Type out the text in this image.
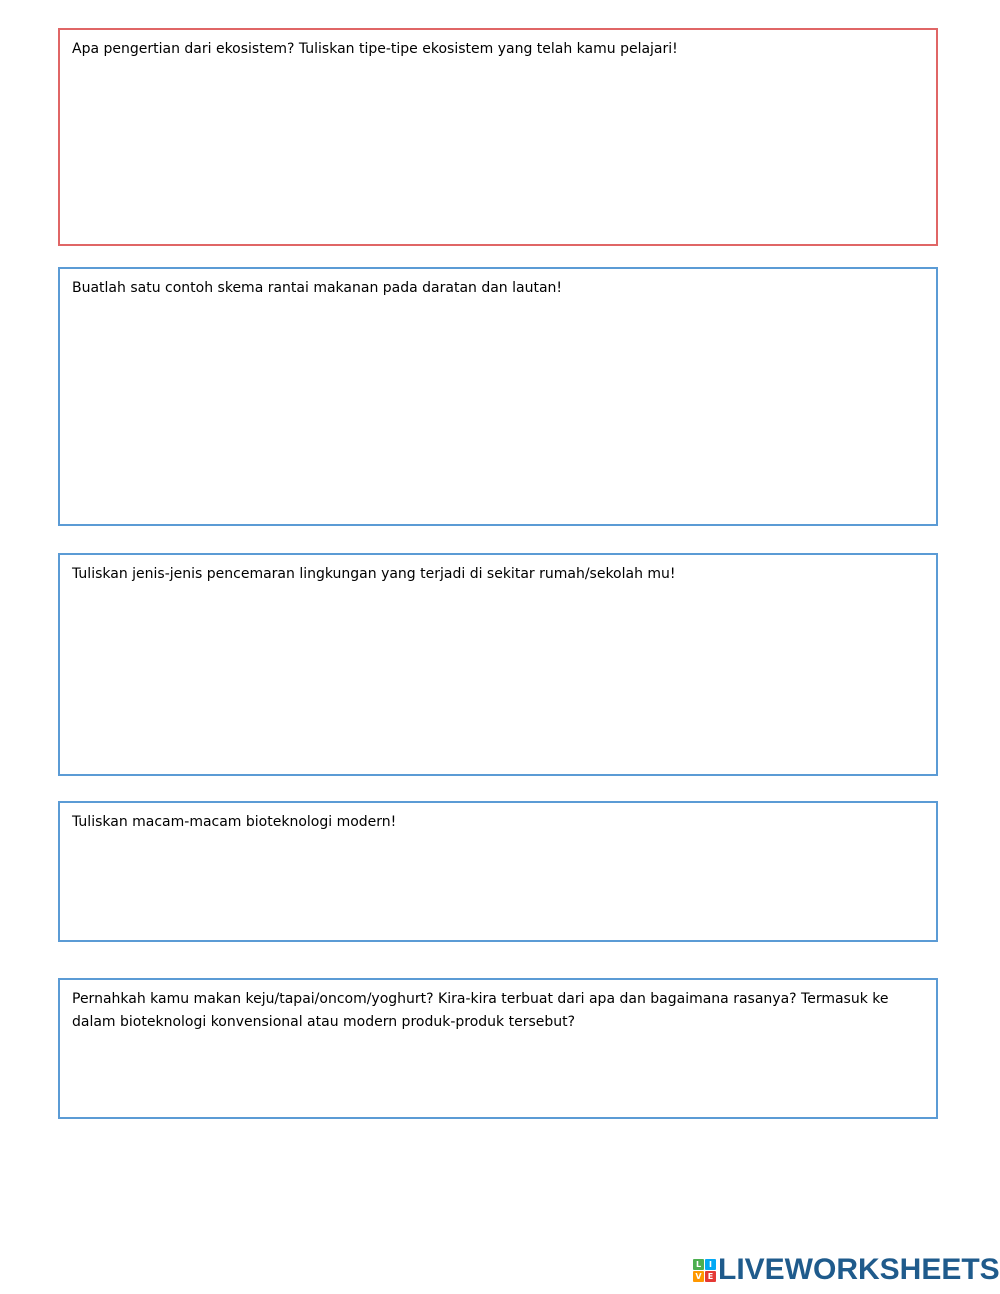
Apa pengertian dari ekosistem? Tuliskan tipe-tipe ekosistem yang telah kamu pelajari!
Buatlah satu contoh skema rantai makanan pada daratan dan lautan!
Tuliskan jenis-jenis pencemaran lingkungan yang terjadi di sekitar rumah/sekolah mu!
Tuliskan macam-macam bioteknologi modern!
Pernahkah kamu makan keju/tapai/oncom/yoghurt? Kira-kira terbuat dari apa dan bagaimana rasanya? Termasuk ke dalam bioteknologi konvensional atau modern produk-produk tersebut?
L I
V E LIVEWORKSHEETS
